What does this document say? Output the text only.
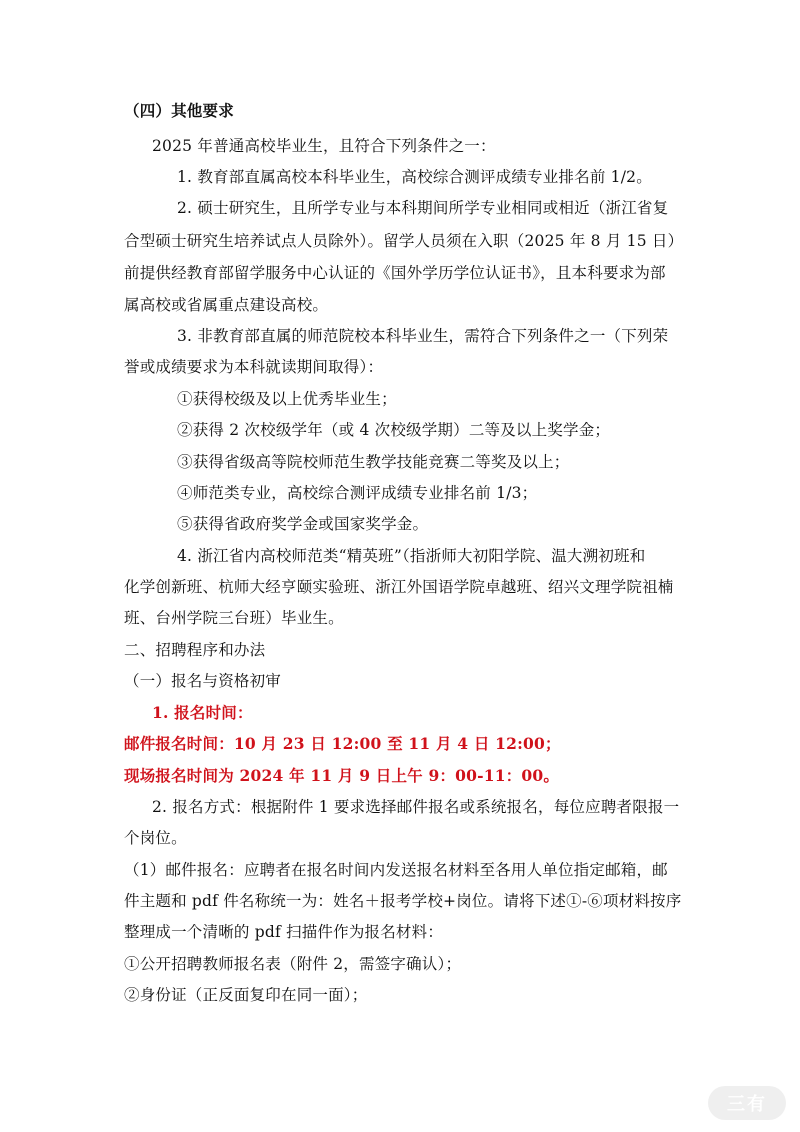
（四）其他要求
2025 年普通高校毕业生，且符合下列条件之一：
1. 教育部直属高校本科毕业生，高校综合测评成绩专业排名前 1/2。
2. 硕士研究生，且所学专业与本科期间所学专业相同或相近（浙江省复
合型硕士研究生培养试点人员除外）。留学人员须在入职（2025 年 8 月 15 日）
前提供经教育部留学服务中心认证的《国外学历学位认证书》，且本科要求为部
属高校或省属重点建设高校。
3. 非教育部直属的师范院校本科毕业生，需符合下列条件之一（下列荣
誉或成绩要求为本科就读期间取得）：
①获得校级及以上优秀毕业生；
②获得 2 次校级学年（或 4 次校级学期）二等及以上奖学金；
③获得省级高等院校师范生教学技能竞赛二等奖及以上；
④师范类专业，高校综合测评成绩专业排名前 1/3；
⑤获得省政府奖学金或国家奖学金。
4. 浙江省内高校师范类“精英班”（指浙师大初阳学院、温大溯初班和
化学创新班、杭师大经亨颐实验班、浙江外国语学院卓越班、绍兴文理学院祖楠
班、台州学院三台班）毕业生。
二、招聘程序和办法
（一）报名与资格初审
1. 报名时间：
邮件报名时间：10 月 23 日 12:00 至 11 月 4 日 12:00；
现场报名时间为 2024 年 11 月 9 日上午 9：00-11：00。
2. 报名方式：根据附件 1 要求选择邮件报名或系统报名，每位应聘者限报一
个岗位。
（1）邮件报名：应聘者在报名时间内发送报名材料至各用人单位指定邮箱，邮
件主题和 pdf 件名称统一为：姓名＋报考学校+岗位。请将下述①-⑥项材料按序
整理成一个清晰的 pdf 扫描件作为报名材料：
①公开招聘教师报名表（附件 2，需签字确认）；
②身份证（正反面复印在同一面）；
三有
